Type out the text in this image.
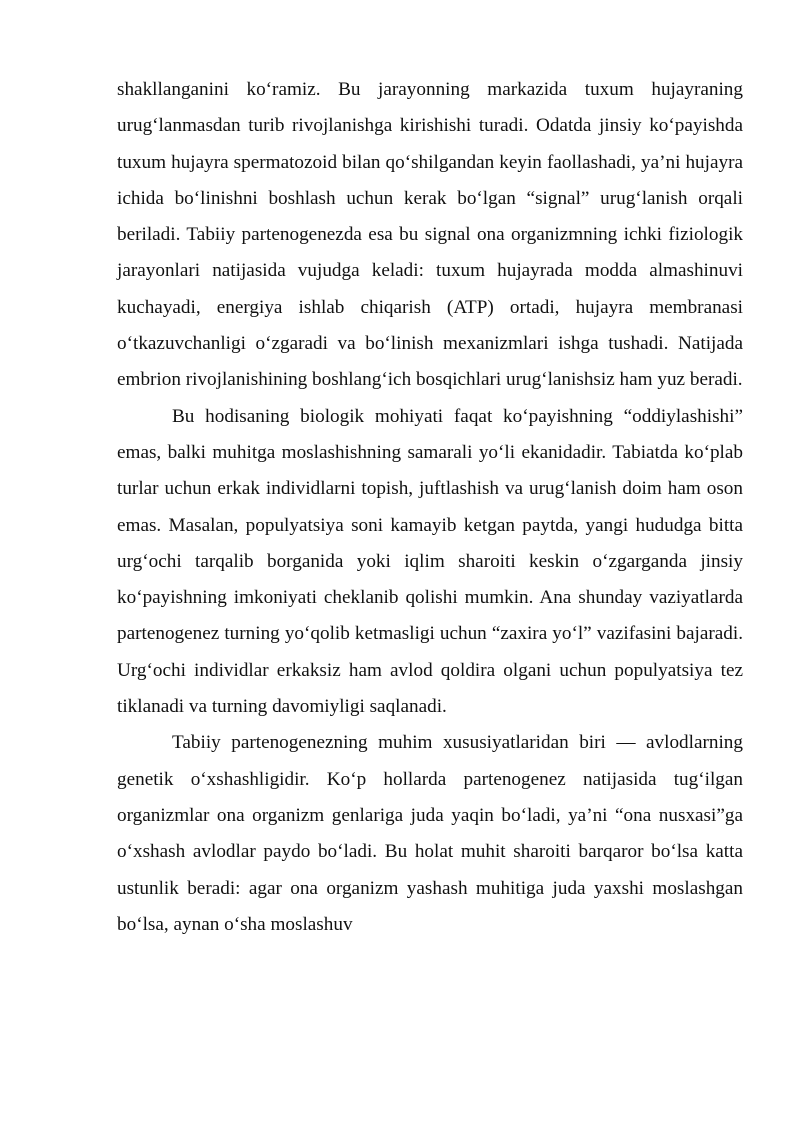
shakllanganini ko‘ramiz. Bu jarayonning markazida tuxum hujayraning urug‘lanmasdan turib rivojlanishga kirishishi turadi. Odatda jinsiy ko‘payishda tuxum hujayra spermatozoid bilan qo‘shilgandan keyin faollashadi, ya’ni hujayra ichida bo‘linishni boshlash uchun kerak bo‘lgan “signal” urug‘lanish orqali beriladi. Tabiiy partenogenezda esa bu signal ona organizmning ichki fiziologik jarayonlari natijasida vujudga keladi: tuxum hujayrada modda almashinuvi kuchayadi, energiya ishlab chiqarish (ATP) ortadi, hujayra membranasi o‘tkazuvchanligi o‘zgaradi va bo‘linish mexanizmlari ishga tushadi. Natijada embrion rivojlanishining boshlang‘ich bosqichlari urug‘lanishsiz ham yuz beradi.

Bu hodisaning biologik mohiyati faqat ko‘payishning “oddiylashishi” emas, balki muhitga moslashishning samarali yo‘li ekanidadir. Tabiatda ko‘plab turlar uchun erkak individlarni topish, juftlashish va urug‘lanish doim ham oson emas. Masalan, populyatsiya soni kamayib ketgan paytda, yangi hududga bitta urg‘ochi tarqalib borganida yoki iqlim sharoiti keskin o‘zgarganda jinsiy ko‘payishning imkoniyati cheklanib qolishi mumkin. Ana shunday vaziyatlarda partenogenez turning yo‘qolib ketmasligi uchun “zaxira yo‘l” vazifasini bajaradi. Urg‘ochi individlar erkaksiz ham avlod qoldira olgani uchun populyatsiya tez tiklanadi va turning davomiyligi saqlanadi.

Tabiiy partenogenezning muhim xususiyatlaridan biri — avlodlarning genetik o‘xshashligidir. Ko‘p hollarda partenogenez natijasida tug‘ilgan organizmlar ona organizm genlariga juda yaqin bo‘ladi, ya’ni “ona nusxasi”ga o‘xshash avlodlar paydo bo‘ladi. Bu holat muhit sharoiti barqaror bo‘lsa katta ustunlik beradi: agar ona organizm yashash muhitiga juda yaxshi moslashgan bo‘lsa, aynan o‘sha moslashuv
